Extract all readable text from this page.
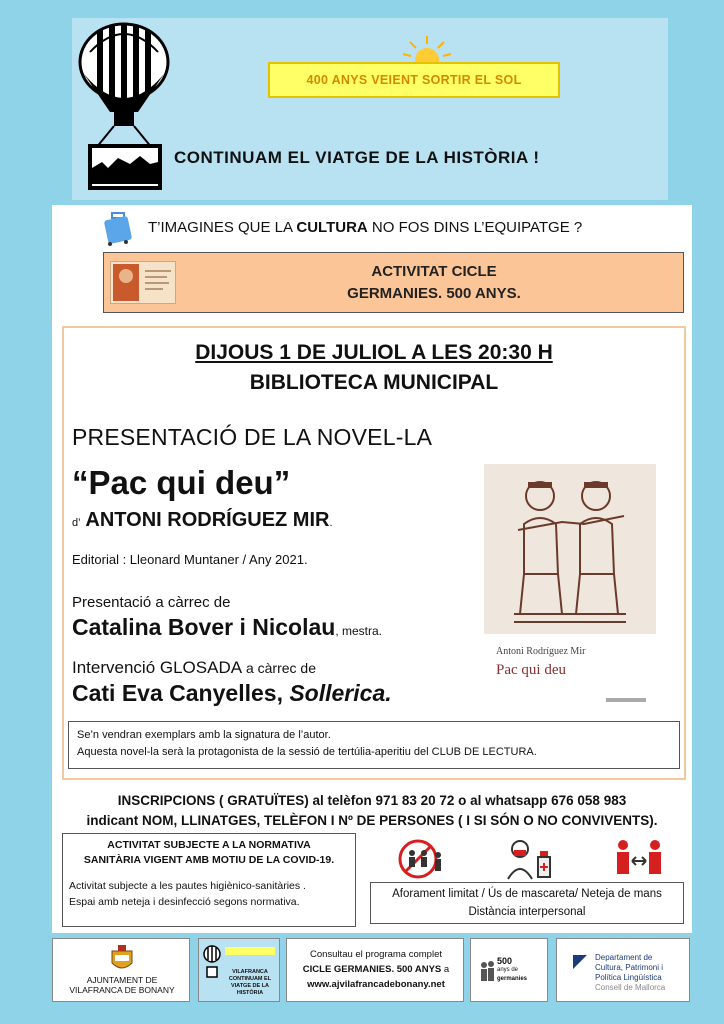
400 ANYS VEIENT SORTIR EL SOL
CONTINUAM EL VIATGE DE LA HISTÒRIA !
T’IMAGINES QUE LA CULTURA NO FOS DINS L’EQUIPATGE ?
ACTIVITAT CICLE
GERMANIES. 500 ANYS.
DIJOUS 1 DE JULIOL A LES 20:30 H
BIBLIOTECA MUNICIPAL
PRESENTACIÓ DE LA NOVEL-LA
“Pac qui deu”
d’ ANTONI RODRÍGUEZ MIR.
Editorial : Lleonard Muntaner / Any 2021.
Presentació a càrrec de
Catalina Bover i Nicolau, mestra.
Intervenció GLOSADA a càrrec de
Cati Eva Canyelles, Sollerica.
Antoni Rodríguez Mir
Pac qui deu
Se’n vendran exemplars amb la signatura de l’autor.
Aquesta novel-la serà la protagonista de la sessió de tertúlia-aperitiu del CLUB DE LECTURA.
INSCRIPCIONS ( GRATUÏTES) al telèfon 971 83 20 72 o al whatsapp 676 058 983
indicant NOM, LLINATGES, TELÈFON I Nº DE PERSONES ( I SI SÓN O NO CONVIVENTS).
ACTIVITAT SUBJECTE A LA NORMATIVA
SANITÀRIA VIGENT AMB MOTIU DE LA COVID-19.
Activitat subjecte a les pautes higiènico-sanitàries .
Espai amb neteja i desinfecció segons normativa.
Aforament limitat / Ús de mascareta/ Neteja de mans
Distància interpersonal
AJUNTAMENT DE
VILAFRANCA DE BONANY
VILAFRANCA
CONTINUAM EL
VIATGE DE LA
HISTÒRIA
Consultau el programa complet
CICLE GERMANIES. 500 ANYS a
www.ajvilafrancadebonany.net
500
anys de
germanies
Departament de
Cultura, Patrimoni i
Política Lingüística
Consell de Mallorca
